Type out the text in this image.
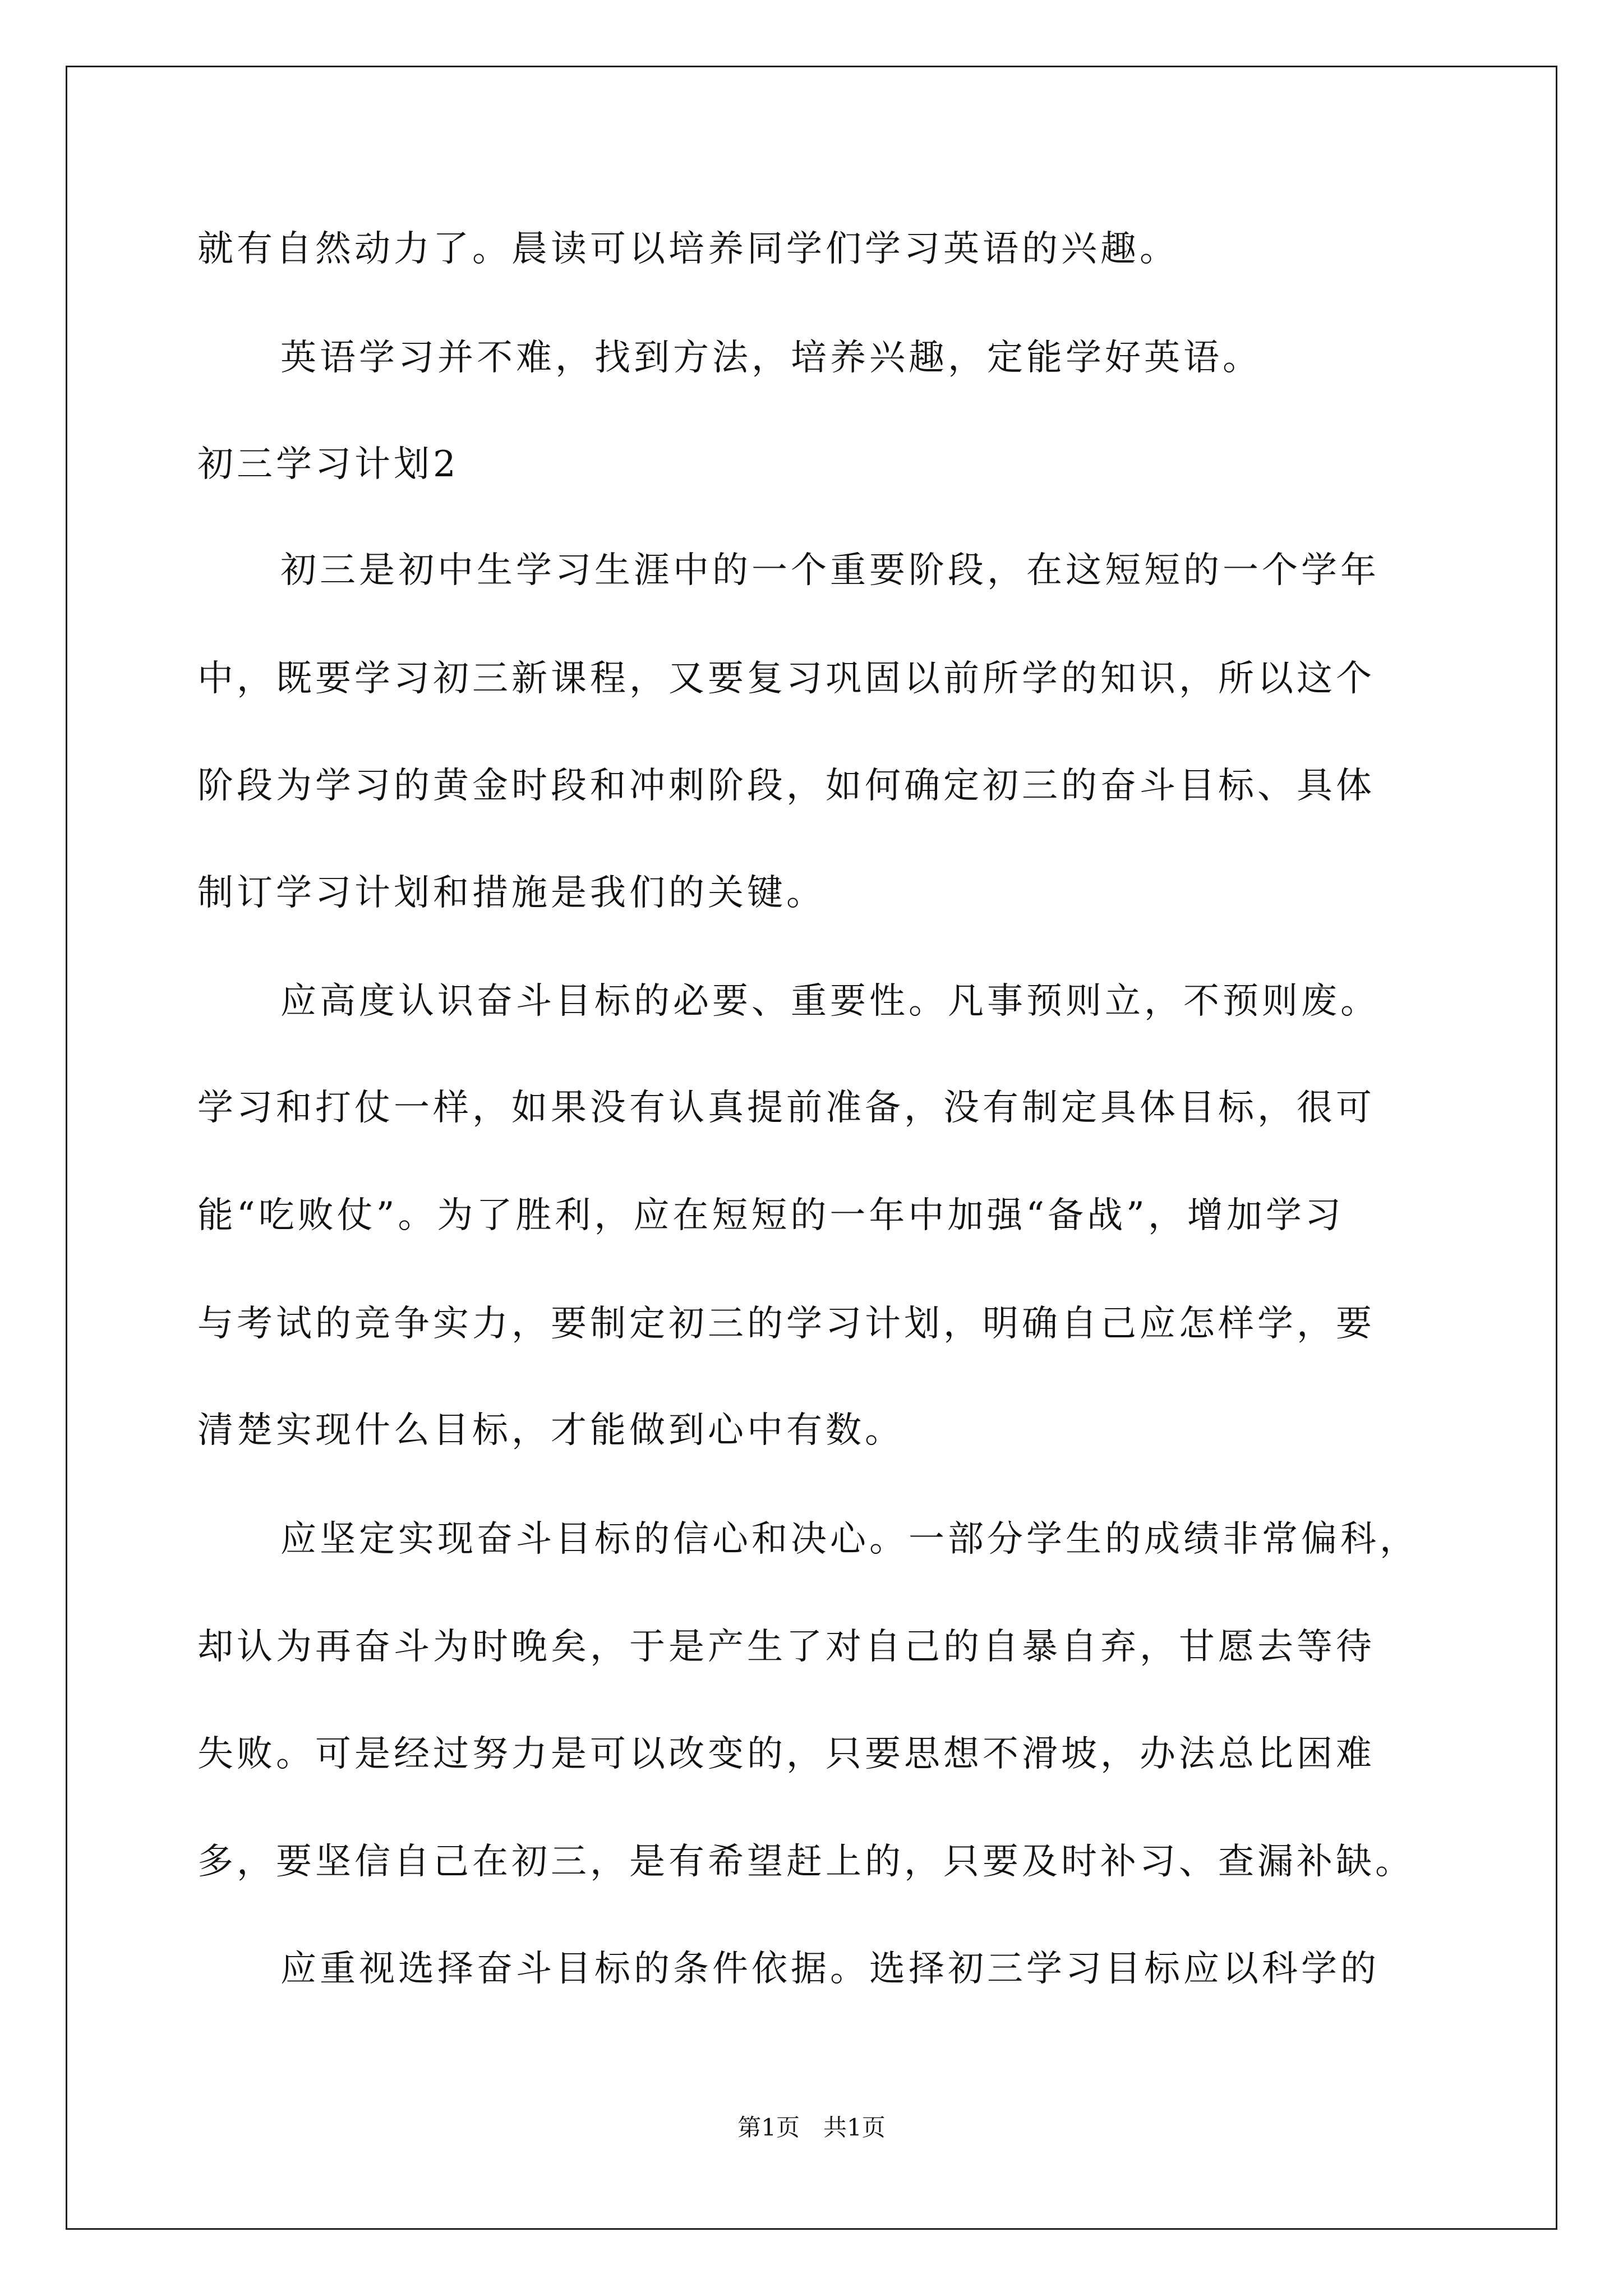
就有自然动力了。晨读可以培养同学们学习英语的兴趣。
英语学习并不难，找到方法，培养兴趣，定能学好英语。
初三学习计划2
初三是初中生学习生涯中的一个重要阶段，在这短短的一个学年
中，既要学习初三新课程，又要复习巩固以前所学的知识，所以这个
阶段为学习的黄金时段和冲刺阶段，如何确定初三的奋斗目标、具体
制订学习计划和措施是我们的关键。
应高度认识奋斗目标的必要、重要性。凡事预则立，不预则废。
学习和打仗一样，如果没有认真提前准备，没有制定具体目标，很可
能“吃败仗”。为了胜利，应在短短的一年中加强“备战”，增加学习
与考试的竞争实力，要制定初三的学习计划，明确自己应怎样学，要
清楚实现什么目标，才能做到心中有数。
应坚定实现奋斗目标的信心和决心。一部分学生的成绩非常偏科，
却认为再奋斗为时晚矣，于是产生了对自己的自暴自弃，甘愿去等待
失败。可是经过努力是可以改变的，只要思想不滑坡，办法总比困难
多，要坚信自己在初三，是有希望赶上的，只要及时补习、查漏补缺。
应重视选择奋斗目标的条件依据。选择初三学习目标应以科学的
第1页 共1页
